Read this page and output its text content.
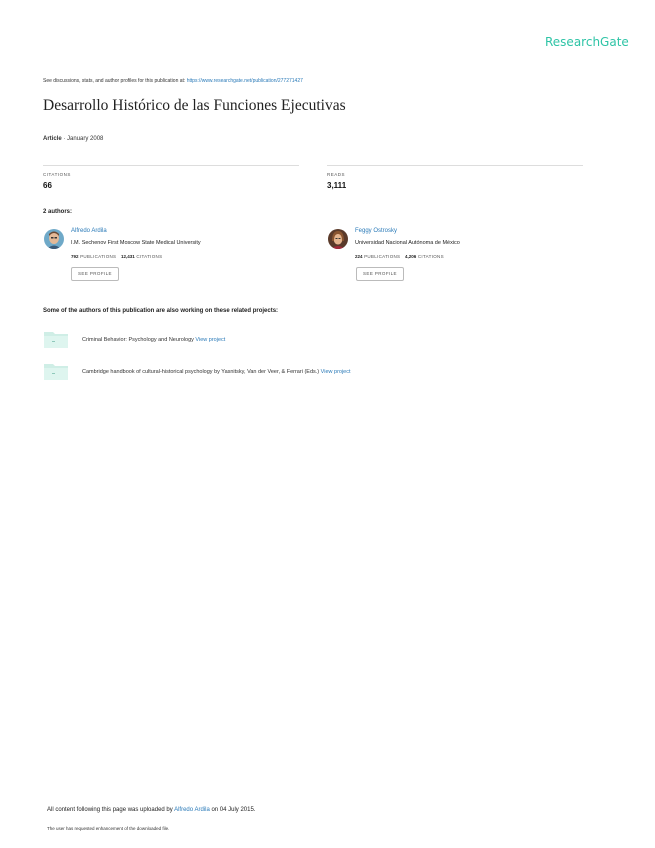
ResearchGate
See discussions, stats, and author profiles for this publication at: https://www.researchgate.net/publication/277271427
Desarrollo Histórico de las Funciones Ejecutivas
Article · January 2008
CITATIONS
66
READS
3,111
2 authors:
Alfredo Ardila
I.M. Sechenov First Moscow State Medical University
792 PUBLICATIONS 12,431 CITATIONS
SEE PROFILE
Feggy Ostrosky
Universidad Nacional Autónoma de México
224 PUBLICATIONS 4,206 CITATIONS
SEE PROFILE
Some of the authors of this publication are also working on these related projects:
Criminal Behavior: Psychology and Neurology View project
Cambridge handbook of cultural-historical psychology by Yasnitsky, Van der Veer, & Ferrari (Eds.) View project
All content following this page was uploaded by Alfredo Ardila on 04 July 2015.
The user has requested enhancement of the downloaded file.
